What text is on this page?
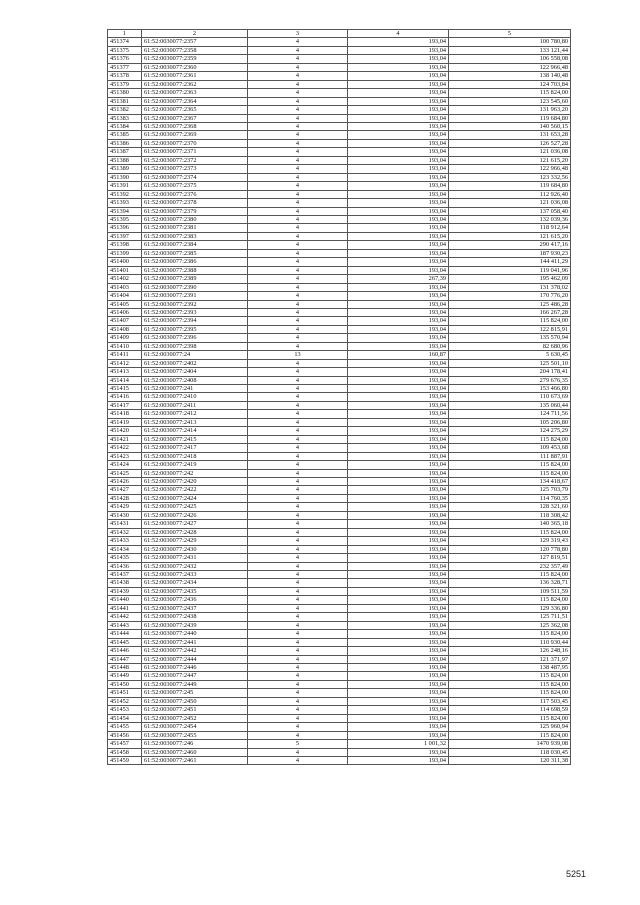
1	2	3	4	5
451374	61:52:0030077:2357	4	193,04	100 780,80
451375	61:52:0030077:2358	4	193,04	133 121,44
451376	61:52:0030077:2359	4	193,04	106 558,08
451377	61:52:0030077:2360	4	193,04	122 966,48
451378	61:52:0030077:2361	4	193,04	138 140,48
451379	61:52:0030077:2362	4	193,04	124 703,84
451380	61:52:0030077:2363	4	193,04	115 824,00
451381	61:52:0030077:2364	4	193,04	123 545,60
451382	61:52:0030077:2365	4	193,04	131 963,20
451383	61:52:0030077:2367	4	193,04	119 684,80
451384	61:52:0030077:2368	4	193,04	140 560,15
451385	61:52:0030077:2369	4	193,04	131 653,28
451386	61:52:0030077:2370	4	193,04	126 527,28
451387	61:52:0030077:2371	4	193,04	121 036,08
451388	61:52:0030077:2372	4	193,04	121 615,20
451389	61:52:0030077:2373	4	193,04	122 966,48
451390	61:52:0030077:2374	4	193,04	123 332,56
451391	61:52:0030077:2375	4	193,04	119 684,80
451392	61:52:0030077:2376	4	193,04	112 926,40
451393	61:52:0030077:2378	4	193,04	121 036,08
451394	61:52:0030077:2379	4	193,04	137 058,40
451395	61:52:0030077:2380	4	193,04	132 039,36
451396	61:52:0030077:2381	4	193,04	118 912,64
451397	61:52:0030077:2383	4	193,04	121 615,20
451398	61:52:0030077:2384	4	193,04	290 417,16
451399	61:52:0030077:2385	4	193,04	187 930,23
451400	61:52:0030077:2386	4	193,04	144 411,29
451401	61:52:0030077:2388	4	193,04	119 041,96
451402	61:52:0030077:2389	4	267,39	195 462,09
451403	61:52:0030077:2390	4	193,04	131 378,02
451404	61:52:0030077:2391	4	193,04	170 776,20
451405	61:52:0030077:2392	4	193,04	125 486,28
451406	61:52:0030077:2393	4	193,04	166 267,28
451407	61:52:0030077:2394	4	193,04	115 824,00
451408	61:52:0030077:2395	4	193,04	122 815,91
451409	61:52:0030077:2396	4	193,04	135 570,94
451410	61:52:0030077:2398	4	193,04	82 680,96
451411	61:52:0030077:24	13	160,87	5 630,45
451412	61:52:0030077:2402	4	193,04	125 501,10
451413	61:52:0030077:2404	4	193,04	204 178,41
451414	61:52:0030077:2408	4	193,04	279 676,35
451415	61:52:0030077:241	4	193,04	153 466,80
451416	61:52:0030077:2410	4	193,04	110 673,69
451417	61:52:0030077:2411	4	193,04	135 060,44
451418	61:52:0030077:2412	4	193,04	124 711,56
451419	61:52:0030077:2413	4	193,04	105 206,80
451420	61:52:0030077:2414	4	193,04	124 275,29
451421	61:52:0030077:2415	4	193,04	115 824,00
451422	61:52:0030077:2417	4	193,04	109 453,68
451423	61:52:0030077:2418	4	193,04	111 887,91
451424	61:52:0030077:2419	4	193,04	115 824,00
451425	61:52:0030077:242	4	193,04	115 824,00
451426	61:52:0030077:2420	4	193,04	134 418,67
451427	61:52:0030077:2422	4	193,04	125 703,79
451428	61:52:0030077:2424	4	193,04	114 760,35
451429	61:52:0030077:2425	4	193,04	128 321,60
451430	61:52:0030077:2426	4	193,04	118 308,42
451431	61:52:0030077:2427	4	193,04	140 365,18
451432	61:52:0030077:2428	4	193,04	115 824,00
451433	61:52:0030077:2429	4	193,04	129 319,43
451434	61:52:0030077:2430	4	193,04	120 778,80
451435	61:52:0030077:2431	4	193,04	127 819,51
451436	61:52:0030077:2432	4	193,04	232 357,49
451437	61:52:0030077:2433	4	193,04	115 824,00
451438	61:52:0030077:2434	4	193,04	136 328,71
451439	61:52:0030077:2435	4	193,04	109 511,59
451440	61:52:0030077:2436	4	193,04	115 824,00
451441	61:52:0030077:2437	4	193,04	129 336,80
451442	61:52:0030077:2438	4	193,04	125 711,51
451443	61:52:0030077:2439	4	193,04	125 362,08
451444	61:52:0030077:2440	4	193,04	115 824,00
451445	61:52:0030077:2441	4	193,04	110 930,44
451446	61:52:0030077:2442	4	193,04	126 248,16
451447	61:52:0030077:2444	4	193,04	121 371,97
451448	61:52:0030077:2446	4	193,04	138 487,95
451449	61:52:0030077:2447	4	193,04	115 824,00
451450	61:52:0030077:2449	4	193,04	115 824,00
451451	61:52:0030077:245	4	193,04	115 824,00
451452	61:52:0030077:2450	4	193,04	117 503,45
451453	61:52:0030077:2451	4	193,04	114 698,59
451454	61:52:0030077:2452	4	193,04	115 824,00
451455	61:52:0030077:2454	4	193,04	125 960,94
451456	61:52:0030077:2455	4	193,04	115 824,00
451457	61:52:0030077:246	5	1 001,32	1470 939,08
451458	61:52:0030077:2460	4	193,04	118 030,45
451459	61:52:0030077:2461	4	193,04	120 311,38
5251
